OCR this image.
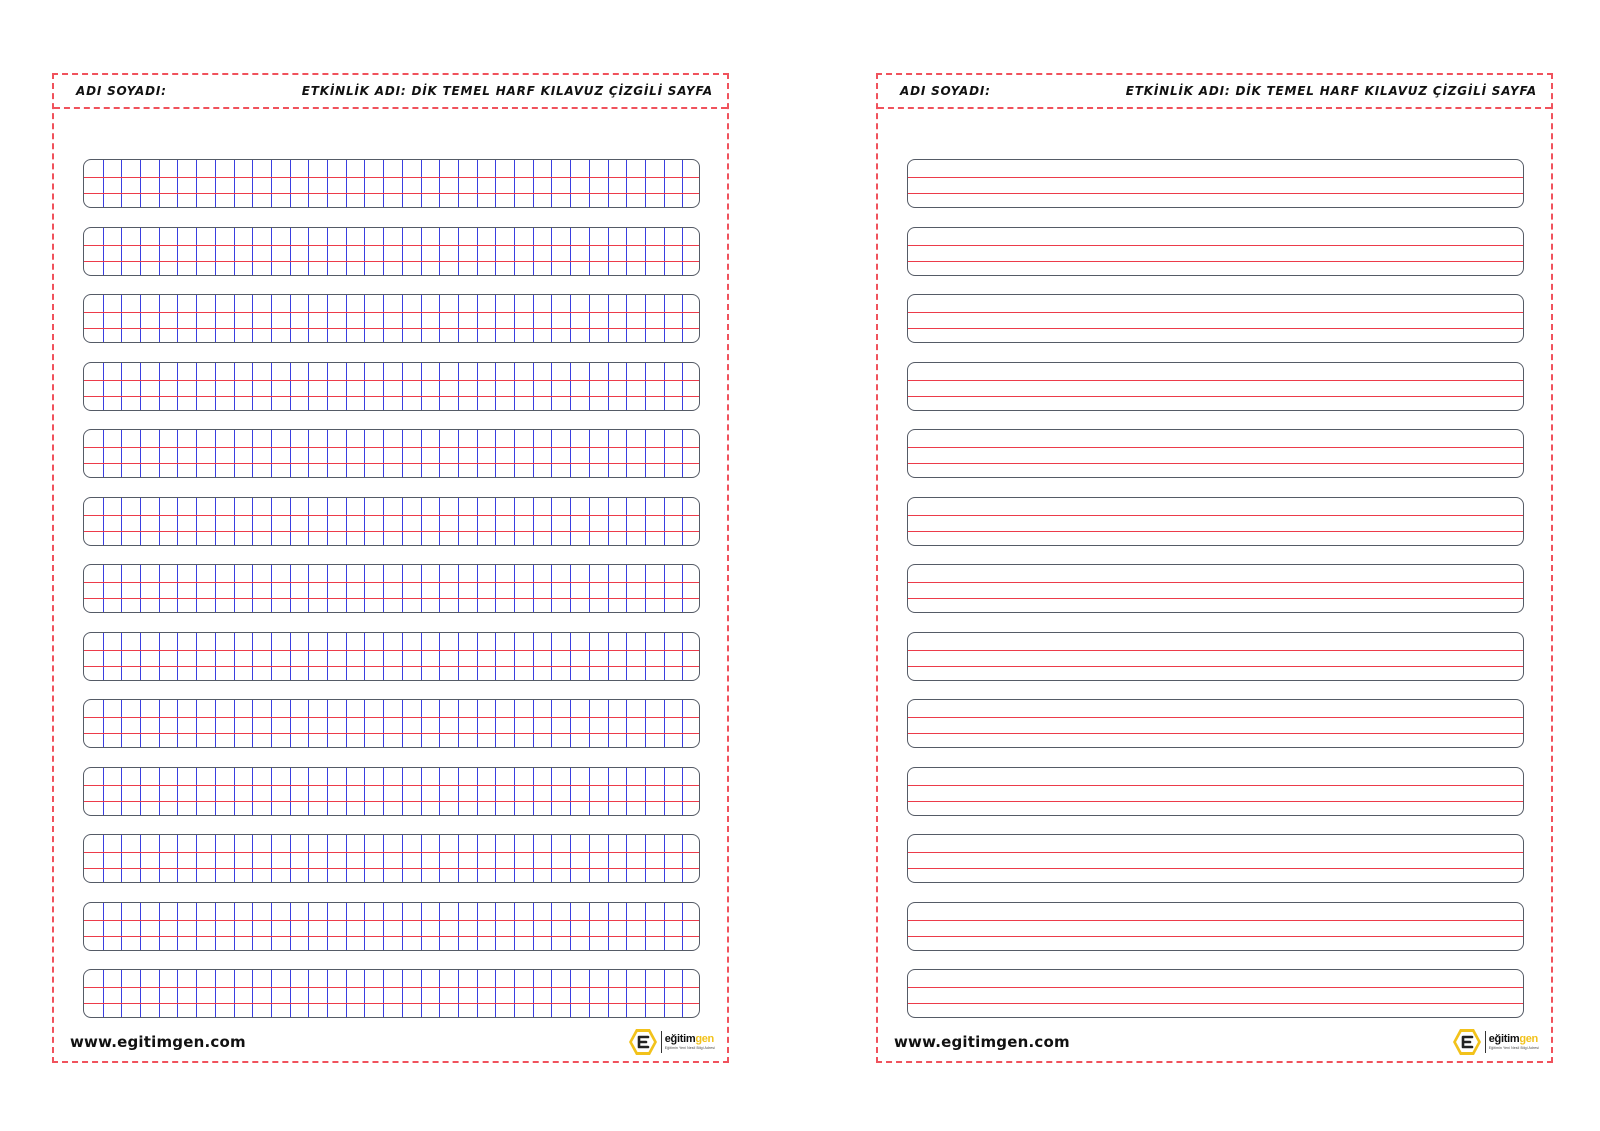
ADI SOYADI:	ETKİNLİK ADI: DİK TEMEL HARF KILAVUZ ÇİZGİLİ SAYFA
www.egitimgen.com	eğitimgen
Eğitimin Yeni Nesil Bilgi Adresi
ADI SOYADI:	ETKİNLİK ADI: DİK TEMEL HARF KILAVUZ ÇİZGİLİ SAYFA
www.egitimgen.com	eğitimgen
Eğitimin Yeni Nesil Bilgi Adresi
